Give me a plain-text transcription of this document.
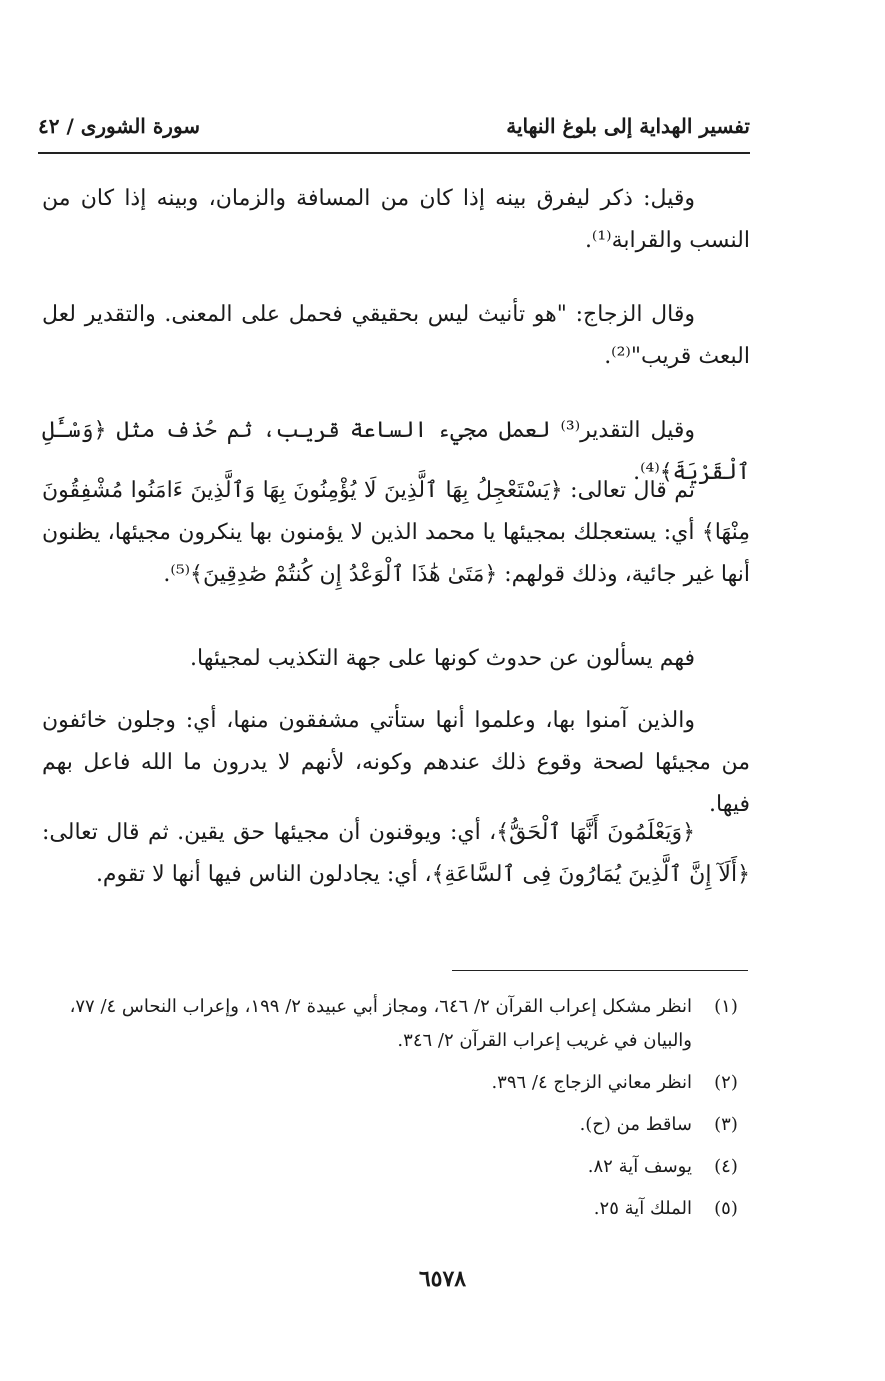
تفسير الهداية إلى بلوغ النهاية
سورة الشورى / ٤٢

وقيل: ذكر ليفرق بينه إذا كان من المسافة والزمان، وبينه إذا كان من النسب والقرابة⁽¹⁾.

وقال الزجاج: "هو تأنيث ليس بحقيقي فحمل على المعنى. والتقدير لعل البعث قريب"⁽²⁾.

وقيل التقدير⁽³⁾ لعمل مجيء الساعة قريب، ثم حُذف مثل ﴿وَسْـَٔلِ ٱلْقَرْيَةَ﴾⁽⁴⁾.

ثم قال تعالى: ﴿يَسْتَعْجِلُ بِهَا ٱلَّذِينَ لَا يُؤْمِنُونَ بِهَا وَٱلَّذِينَ ءَامَنُوا مُشْفِقُونَ مِنْهَا﴾ أي: يستعجلك بمجيئها يا محمد الذين لا يؤمنون بها ينكرون مجيئها، يظنون أنها غير جائية، وذلك قولهم: ﴿مَتَىٰ هَٰذَا ٱلْوَعْدُ إِن كُنتُمْ صَٰدِقِينَ﴾⁽⁵⁾.

فهم يسألون عن حدوث كونها على جهة التكذيب لمجيئها.

والذين آمنوا بها، وعلموا أنها ستأتي مشفقون منها، أي: وجلون خائفون من مجيئها لصحة وقوع ذلك عندهم وكونه، لأنهم لا يدرون ما الله فاعل بهم فيها.

﴿وَيَعْلَمُونَ أَنَّهَا ٱلْحَقُّ﴾، أي: ويوقنون أن مجيئها حق يقين. ثم قال تعالى: ﴿أَلَآ إِنَّ ٱلَّذِينَ يُمَارُونَ فِى ٱلسَّاعَةِ﴾، أي: يجادلون الناس فيها أنها لا تقوم.

(١)
انظر مشكل إعراب القرآن ٢/ ٦٤٦، ومجاز أبي عبيدة ٢/ ١٩٩، وإعراب النحاس ٤/ ٧٧، والبيان في غريب إعراب القرآن ٢/ ٣٤٦.
(٢)
انظر معاني الزجاج ٤/ ٣٩٦.
(٣)
ساقط من (ح).
(٤)
يوسف آية ٨٢.
(٥)
الملك آية ٢٥.
٦٥٧٨
